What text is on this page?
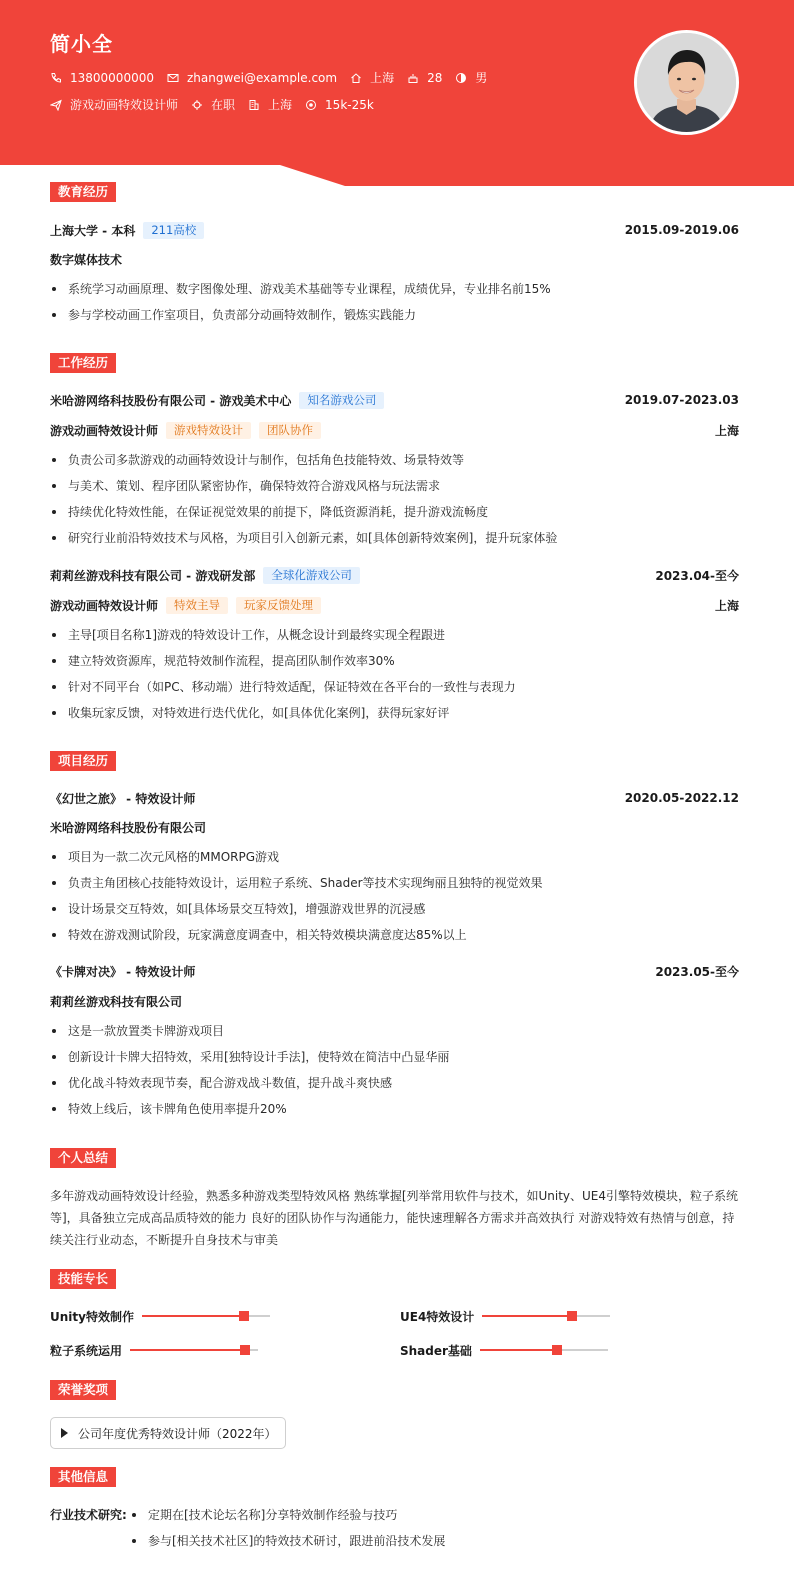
简小全
13800000000	zhangwei@example.com	上海	28	男
游戏动画特效设计师	在职	上海	15k-25k
教育经历
上海大学 - 本科	211高校	2015.09-2019.06
数字媒体技术
系统学习动画原理、数字图像处理、游戏美术基础等专业课程，成绩优异，专业排名前15%
参与学校动画工作室项目，负责部分动画特效制作，锻炼实践能力
工作经历
米哈游网络科技股份有限公司 - 游戏美术中心	知名游戏公司	2019.07-2023.03
游戏动画特效设计师	游戏特效设计	团队协作	上海
负责公司多款游戏的动画特效设计与制作，包括角色技能特效、场景特效等
与美术、策划、程序团队紧密协作，确保特效符合游戏风格与玩法需求
持续优化特效性能，在保证视觉效果的前提下，降低资源消耗，提升游戏流畅度
研究行业前沿特效技术与风格，为项目引入创新元素，如[具体创新特效案例]，提升玩家体验
莉莉丝游戏科技有限公司 - 游戏研发部	全球化游戏公司	2023.04-至今
游戏动画特效设计师	特效主导	玩家反馈处理	上海
主导[项目名称1]游戏的特效设计工作，从概念设计到最终实现全程跟进
建立特效资源库，规范特效制作流程，提高团队制作效率30%
针对不同平台（如PC、移动端）进行特效适配，保证特效在各平台的一致性与表现力
收集玩家反馈，对特效进行迭代优化，如[具体优化案例]，获得玩家好评
项目经历
《幻世之旅》 - 特效设计师	2020.05-2022.12
米哈游网络科技股份有限公司
项目为一款二次元风格的MMORPG游戏
负责主角团核心技能特效设计，运用粒子系统、Shader等技术实现绚丽且独特的视觉效果
设计场景交互特效，如[具体场景交互特效]，增强游戏世界的沉浸感
特效在游戏测试阶段，玩家满意度调查中，相关特效模块满意度达85%以上
《卡牌对决》 - 特效设计师	2023.05-至今
莉莉丝游戏科技有限公司
这是一款放置类卡牌游戏项目
创新设计卡牌大招特效，采用[独特设计手法]，使特效在简洁中凸显华丽
优化战斗特效表现节奏，配合游戏战斗数值，提升战斗爽快感
特效上线后，该卡牌角色使用率提升20%
个人总结
多年游戏动画特效设计经验，熟悉多种游戏类型特效风格 熟练掌握[列举常用软件与技术，如Unity、UE4引擎特效模块，粒子系统等]，具备独立完成高品质特效的能力 良好的团队协作与沟通能力，能快速理解各方需求并高效执行 对游戏特效有热情与创意，持续关注行业动态，不断提升自身技术与审美
技能专长
Unity特效制作	UE4特效设计
粒子系统运用	Shader基础
荣誉奖项
公司年度优秀特效设计师（2022年）
其他信息
行业技术研究:	定期在[技术论坛名称]分享特效制作经验与技巧
参与[相关技术社区]的特效技术研讨，跟进前沿技术发展
